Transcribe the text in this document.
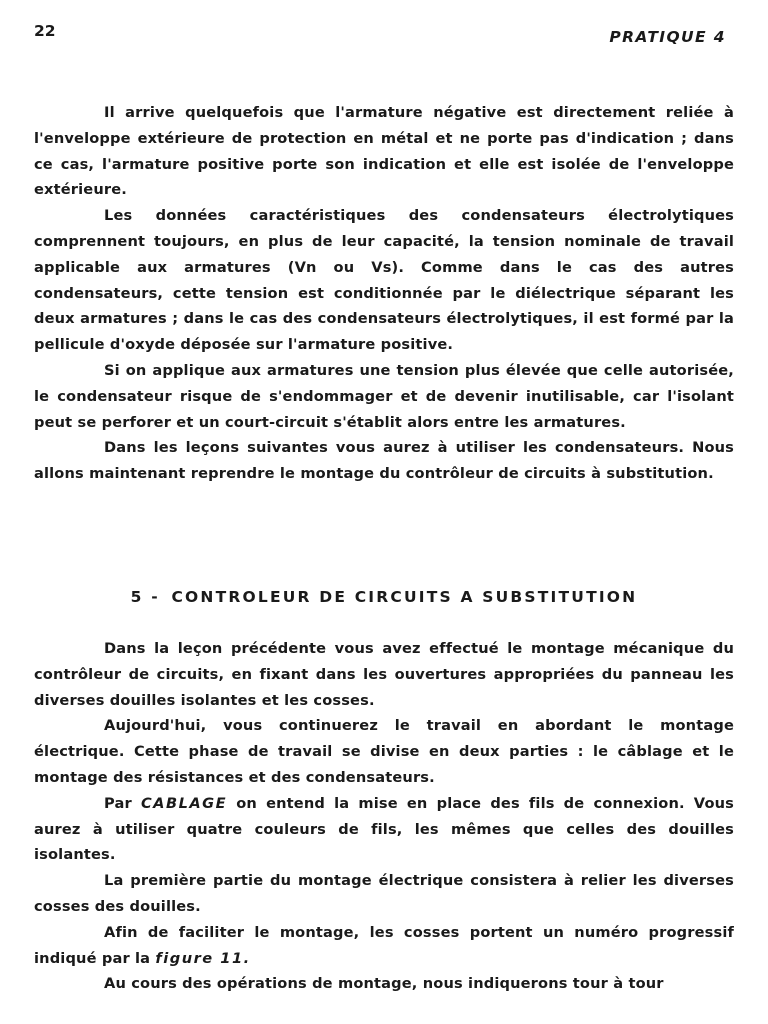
22	PRATIQUE 4

Il arrive quelquefois que l'armature négative est directement reliée à l'enveloppe extérieure de protection en métal et ne porte pas d'indication ; dans ce cas, l'armature positive porte son indication et elle est isolée de l'enveloppe extérieure.

Les données caractéristiques des condensateurs électrolytiques comprennent toujours, en plus de leur capacité, la tension nominale de travail applicable aux armatures (Vn ou Vs). Comme dans le cas des autres condensateurs, cette tension est conditionnée par le diélectrique séparant les deux armatures ; dans le cas des condensateurs électrolytiques, il est formé par la pellicule d'oxyde déposée sur l'armature positive.

Si on applique aux armatures une tension plus élevée que celle autorisée, le condensateur risque de s'endommager et de devenir inutilisable, car l'isolant peut se perforer et un court-circuit s'établit alors entre les armatures.

Dans les leçons suivantes vous aurez à utiliser les condensateurs. Nous allons maintenant reprendre le montage du contrôleur de circuits à substitution.

5 - CONTROLEUR DE CIRCUITS A SUBSTITUTION

Dans la leçon précédente vous avez effectué le montage mécanique du contrôleur de circuits, en fixant dans les ouvertures appropriées du panneau les diverses douilles isolantes et les cosses.

Aujourd'hui, vous continuerez le travail en abordant le montage électrique. Cette phase de travail se divise en deux parties : le câblage et le montage des résistances et des condensateurs.

Par CABLAGE on entend la mise en place des fils de connexion. Vous aurez à utiliser quatre couleurs de fils, les mêmes que celles des douilles isolantes.

La première partie du montage électrique consistera à relier les diverses cosses des douilles.

Afin de faciliter le montage, les cosses portent un numéro progressif indiqué par la figure 11.

Au cours des opérations de montage, nous indiquerons tour à tour
